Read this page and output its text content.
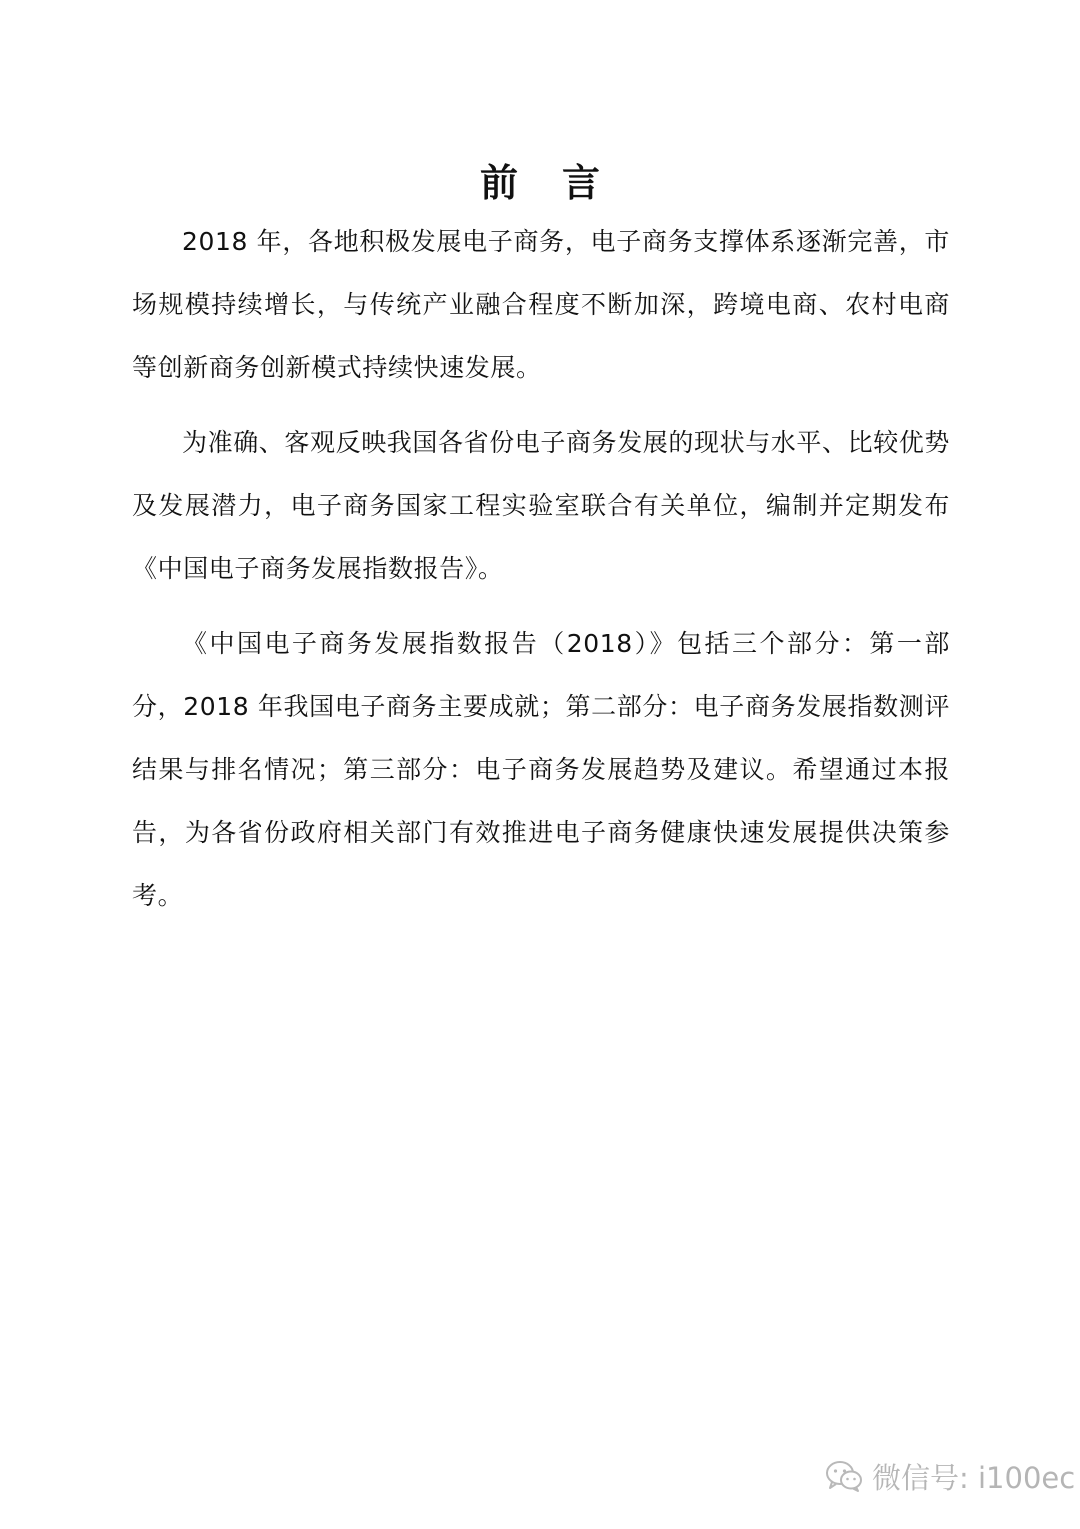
前言

2018 年，各地积极发展电子商务，电子商务支撑体系逐渐完善，市场规模持续增长，与传统产业融合程度不断加深，跨境电商、农村电商等创新商务创新模式持续快速发展。

为准确、客观反映我国各省份电子商务发展的现状与水平、比较优势及发展潜力，电子商务国家工程实验室联合有关单位，编制并定期发布《中国电子商务发展指数报告》。

《中国电子商务发展指数报告（2018）》包括三个部分：第一部分，2018 年我国电子商务主要成就；第二部分：电子商务发展指数测评结果与排名情况；第三部分：电子商务发展趋势及建议。希望通过本报告，为各省份政府相关部门有效推进电子商务健康快速发展提供决策参考。

微信号: i100ec
